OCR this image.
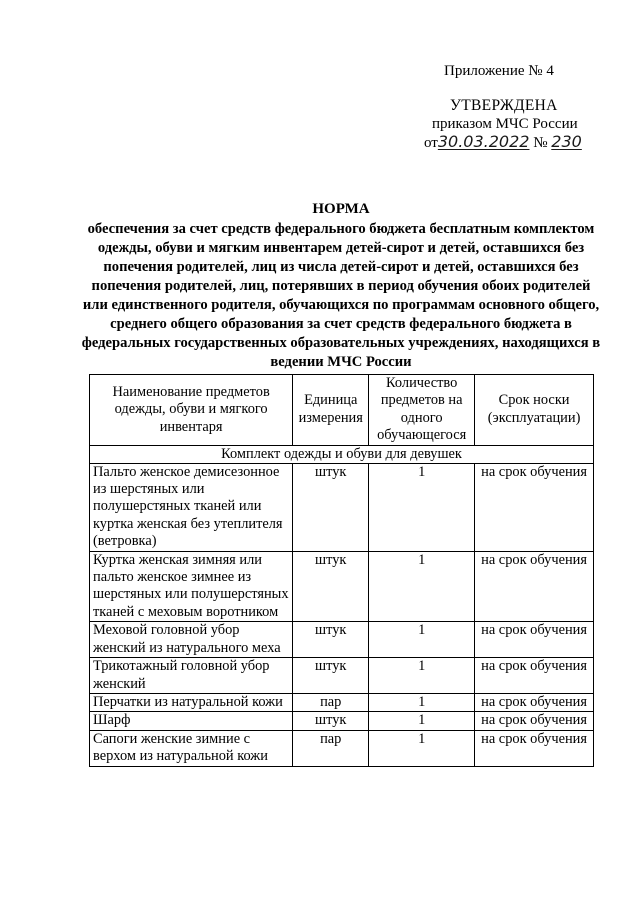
Приложение № 4
УТВЕРЖДЕНА
приказом МЧС России
от30.03.2022 № 230
НОРМА
обеспечения за счет средств федерального бюджета бесплатным комплектом одежды, обуви и мягким инвентарем детей-сирот и детей, оставшихся без попечения родителей, лиц из числа детей-сирот и детей, оставшихся без попечения родителей, лиц, потерявших в период обучения обоих родителей или единственного родителя, обучающихся по программам основного общего, среднего общего образования за счет средств федерального бюджета в федеральных государственных образовательных учреждениях, находящихся в ведении МЧС России
Наименование предметов одежды, обуви и мягкого инвентаря	Единица измерения	Количество предметов на одного обучающегося	Срок носки (эксплуатации)
Комплект одежды и обуви для девушек			
Пальто женское демисезонное из шерстяных или полушерстяных тканей или куртка женская без утеплителя (ветровка)	штук	1	на срок обучения
Куртка женская зимняя или пальто женское зимнее из шерстяных или полушерстяных тканей с меховым воротником	штук	1	на срок обучения
Меховой головной убор женский из натурального меха	штук	1	на срок обучения
Трикотажный головной убор женский	штук	1	на срок обучения
Перчатки из натуральной кожи	пар	1	на срок обучения
Шарф	штук	1	на срок обучения
Сапоги женские зимние с верхом из натуральной кожи	пар	1	на срок обучения
